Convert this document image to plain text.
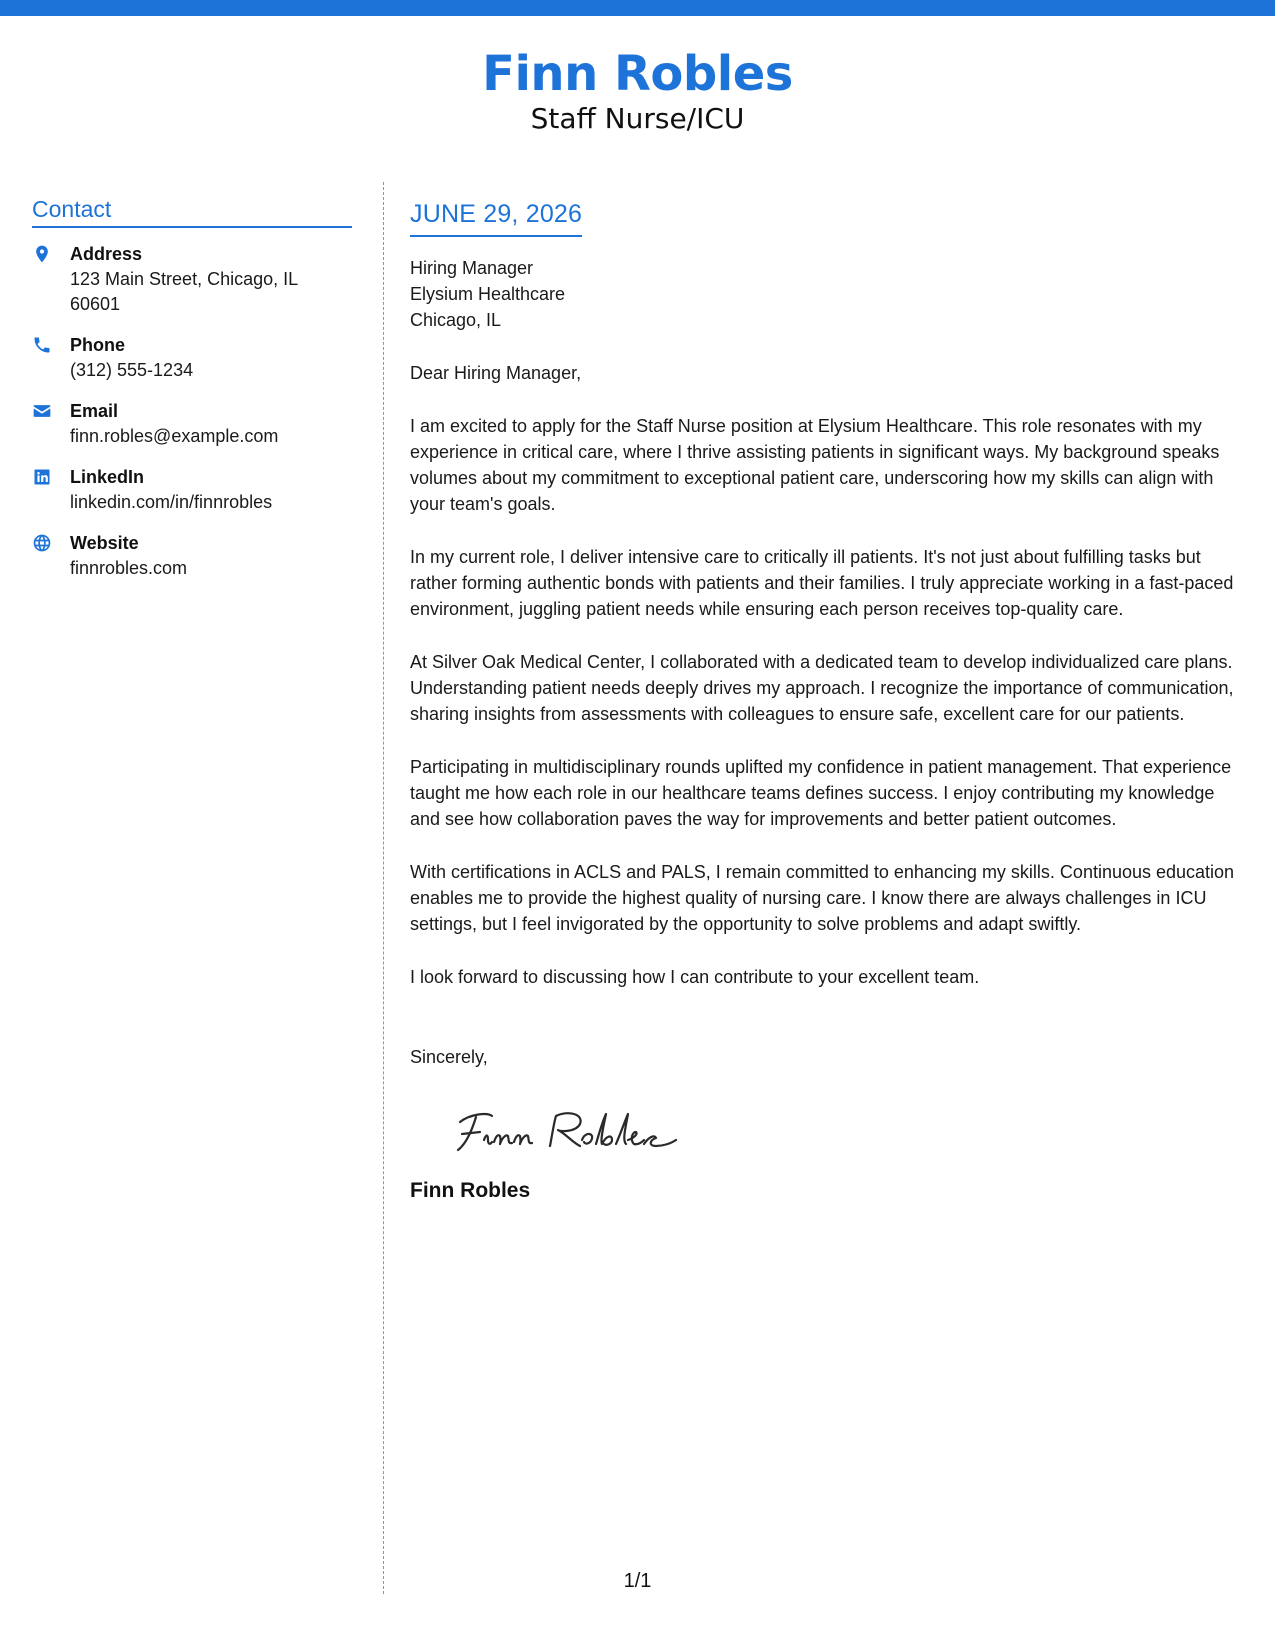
Finn Robles
Staff Nurse/ICU
Contact
Address
123 Main Street, Chicago, IL 60601
Phone
(312) 555-1234
Email
finn.robles@example.com
LinkedIn
linkedin.com/in/finnrobles
Website
finnrobles.com
JUNE 29, 2026
Hiring Manager
Elysium Healthcare
Chicago, IL
Dear Hiring Manager,
I am excited to apply for the Staff Nurse position at Elysium Healthcare. This role resonates with my experience in critical care, where I thrive assisting patients in significant ways. My background speaks volumes about my commitment to exceptional patient care, underscoring how my skills can align with your team's goals.
In my current role, I deliver intensive care to critically ill patients. It's not just about fulfilling tasks but rather forming authentic bonds with patients and their families. I truly appreciate working in a fast-paced environment, juggling patient needs while ensuring each person receives top-quality care.
At Silver Oak Medical Center, I collaborated with a dedicated team to develop individualized care plans. Understanding patient needs deeply drives my approach. I recognize the importance of communication, sharing insights from assessments with colleagues to ensure safe, excellent care for our patients.
Participating in multidisciplinary rounds uplifted my confidence in patient management. That experience taught me how each role in our healthcare teams defines success. I enjoy contributing my knowledge and see how collaboration paves the way for improvements and better patient outcomes.
With certifications in ACLS and PALS, I remain committed to enhancing my skills. Continuous education enables me to provide the highest quality of nursing care. I know there are always challenges in ICU settings, but I feel invigorated by the opportunity to solve problems and adapt swiftly.
I look forward to discussing how I can contribute to your excellent team.
Sincerely,
Finn Robles
1/1
